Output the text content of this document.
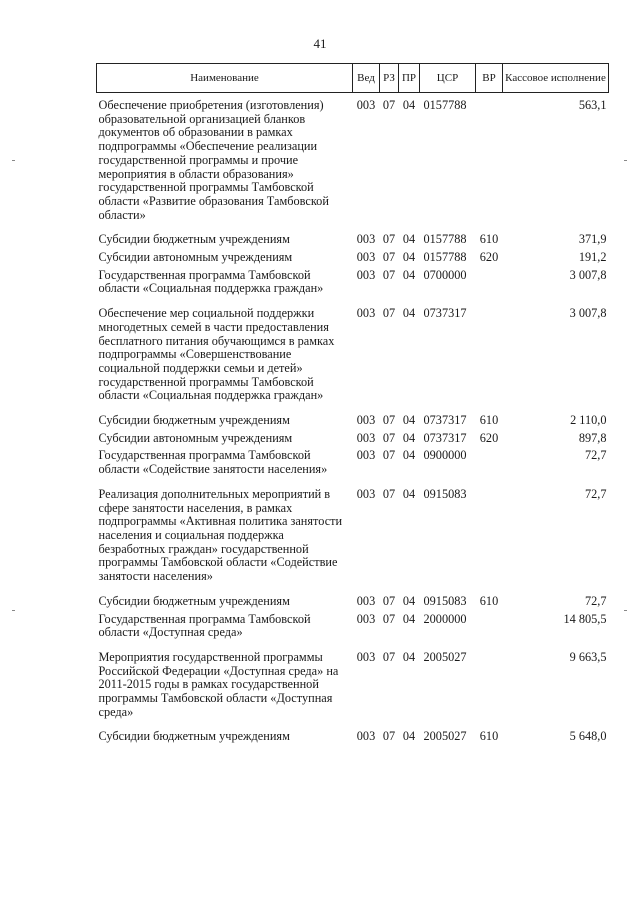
41
Наименование	Вед	РЗ	ПР	ЦСР	ВР	Кассовое исполнение
Обеспечение приобретения (изготовления) образовательной организацией бланков документов об образовании в рамках подпрограммы «Обеспечение реализации государственной программы и прочие мероприятия в области образования» государственной программы Тамбовской области «Развитие образования Тамбовской области»	003	07	04	0157788		563,1
Субсидии бюджетным учреждениям	003	07	04	0157788	610	371,9
Субсидии автономным учреждениям	003	07	04	0157788	620	191,2
Государственная программа Тамбовской области «Социальная поддержка граждан»	003	07	04	0700000		3 007,8
Обеспечение мер социальной поддержки многодетных семей в части предоставления бесплатного питания обучающимся в рамках подпрограммы «Совершенствование социальной поддержки семьи и детей» государственной программы Тамбовской области «Социальная поддержка граждан»	003	07	04	0737317		3 007,8
Субсидии бюджетным учреждениям	003	07	04	0737317	610	2 110,0
Субсидии автономным учреждениям	003	07	04	0737317	620	897,8
Государственная программа Тамбовской области «Содействие занятости населения»	003	07	04	0900000		72,7
Реализация дополнительных мероприятий в сфере занятости населения, в рамках подпрограммы «Активная политика занятости населения и социальная поддержка безработных граждан» государственной программы Тамбовской области «Содействие занятости населения»	003	07	04	0915083		72,7
Субсидии бюджетным учреждениям	003	07	04	0915083	610	72,7
Государственная программа Тамбовской области «Доступная среда»	003	07	04	2000000		14 805,5
Мероприятия государственной программы Российской Федерации «Доступная среда» на 2011-2015 годы в рамках государственной программы Тамбовской области «Доступная среда»	003	07	04	2005027		9 663,5
Субсидии бюджетным учреждениям	003	07	04	2005027	610	5 648,0
